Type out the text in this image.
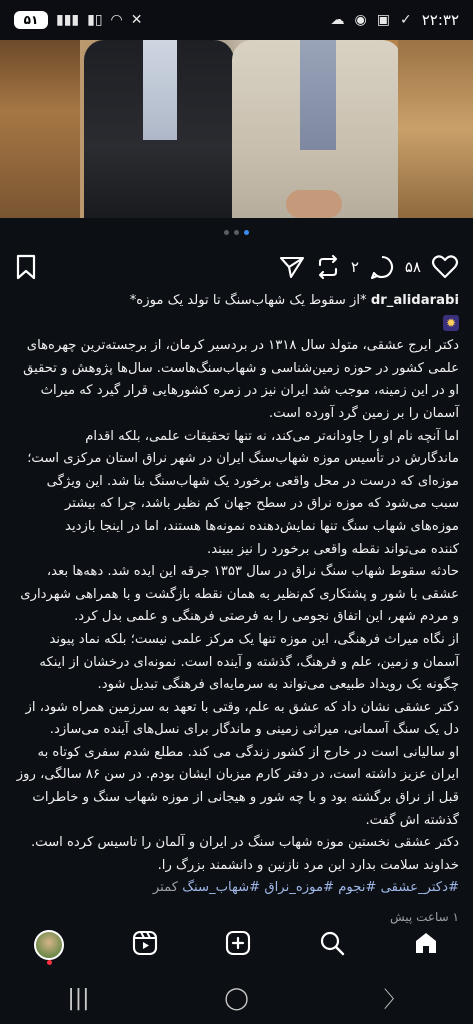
۵۱	▮▮▮ ▮▯ ◠ ✕	☁ ◉ ▣ ✓ ۲۲:۳۲
۲	۵۸
dr_alidarabi *از سقوط یک شهاب‌سنگ تا تولد یک موزه*
✹
دکتر ایرج عشقی، متولد سال ۱۳۱۸ در بردسیر کرمان، از برجسته‌ترین چهره‌های
علمی کشور در حوزه زمین‌شناسی و شهاب‌سنگ‌هاست. سال‌ها پژوهش و تحقیق
او در این زمینه، موجب شد ایران نیز در زمره کشورهایی قرار گیرد که میراث
آسمان را بر زمین گرد آورده است.
اما آنچه نام او را جاودانه‌تر می‌کند، نه تنها تحقیقات علمی، بلکه اقدام
ماندگارش در تأسیس موزه شهاب‌سنگ ایران در شهر نراق استان مرکزی است؛
موزه‌ای که درست در محل واقعی برخورد یک شهاب‌سنگ بنا شد. این ویژگی
سبب می‌شود که موزه نراق در سطح جهان کم نظیر باشد، چرا که بیشتر
موزه‌های شهاب سنگ تنها نمایش‌دهنده نمونه‌ها هستند، اما در اینجا بازدید
کننده می‌تواند نقطه واقعی برخورد را نیز ببیند.
حادثه سقوط شهاب سنگ نراق در سال ۱۳۵۳ جرقه این ایده شد. دهه‌ها بعد،
عشقی با شور و پشتکاری کم‌نظیر به همان نقطه بازگشت و با همراهی شهرداری
و مردم شهر، این اتفاق نجومی را به فرصتی فرهنگی و علمی بدل کرد.
از نگاه میراث فرهنگی، این موزه تنها یک مرکز علمی نیست؛ بلکه نماد پیوند
آسمان و زمین، علم و فرهنگ، گذشته و آینده است. نمونه‌ای درخشان از اینکه
چگونه یک رویداد طبیعی می‌تواند به سرمایه‌ای فرهنگی تبدیل شود.
دکتر عشقی نشان داد که عشق به علم، وقتی با تعهد به سرزمین همراه شود، از
دل یک سنگ آسمانی، میراثی زمینی و ماندگار برای نسل‌های آینده می‌سازد.
او سالیانی است در خارج از کشور زندگی می کند. مطلع شدم سفری کوتاه به
ایران عزیز داشته است، در دفتر کارم میزبان ایشان بودم. در سن ۸۶ سالگی، روز
قبل از نراق برگشته بود و با چه شور و هیجانی از موزه شهاب سنگ و خاطرات
گذشته اش گفت.
دکتر عشقی نخستین موزه شهاب سنگ در ایران و آلمان را تاسیس کرده است.
خداوند سلامت بدارد این مرد نازنین و دانشمند بزرگ را.
#دکتر_عشقی #نجوم #موزه_نراق #شهاب_سنگ کمتر
۱ ساعت پیش
|||	◯	〉
